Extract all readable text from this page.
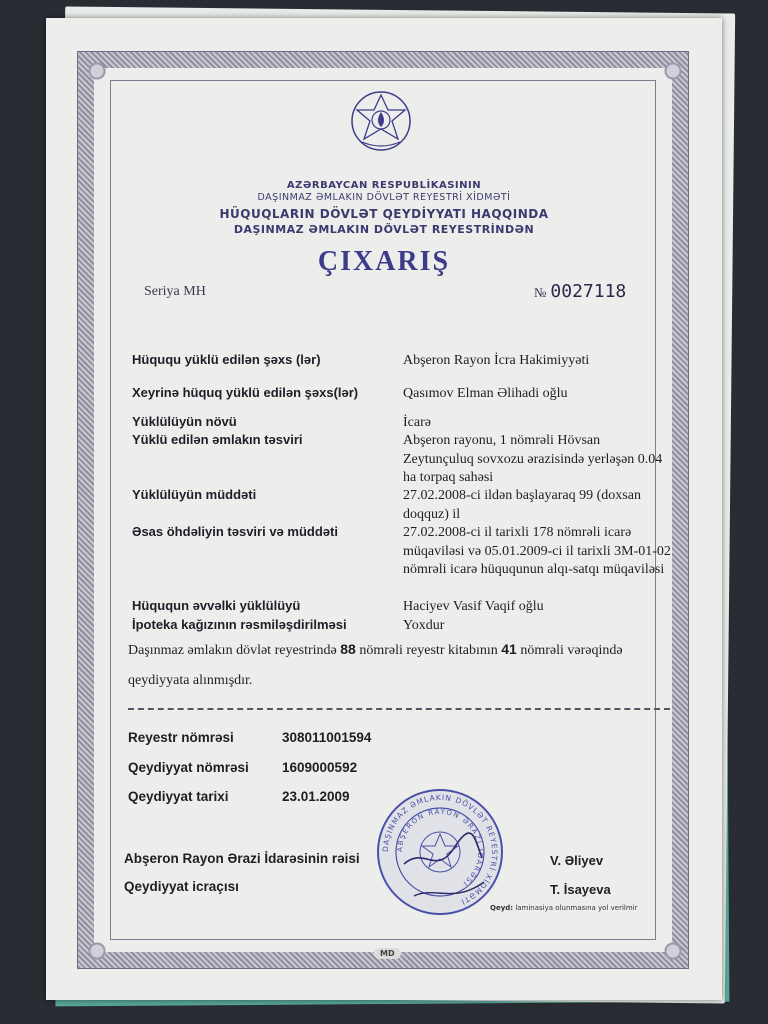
AZƏRBAYCAN RESPUBLİKASININ
DAŞINMAZ ƏMLAKIN DÖVLƏT REYESTRİ XİDMƏTİ
HÜQUQLARIN DÖVLƏT QEYDİYYATI HAQQINDA
DAŞINMAZ ƏMLAKIN DÖVLƏT REYESTRİNDƏN
ÇIXARIŞ
Seriya MH	№ 0027118
Hüququ yüklü edilən şəxs (lər)	Abşeron Rayon İcra Hakimiyyəti
Xeyrinə hüquq yüklü edilən şəxs(lər)	Qasımov Elman Əlihadi oğlu
Yüklülüyün növü	İcarə
Yüklü edilən əmlakın təsviri	Abşeron rayonu, 1 nömrəli Hövsan Zeytunçuluq sovxozu ərazisində yerləşən 0.04 ha torpaq sahəsi
Yüklülüyün müddəti	27.02.2008-ci ildən başlayaraq 99 (doxsan doqquz) il
Əsas öhdəliyin təsviri və müddəti	27.02.2008-ci il tarixli 178 nömrəli icarə müqaviləsi və 05.01.2009-ci il tarixli 3M-01-02 nömrəli icarə hüququnun alqı-satqı müqaviləsi
Hüququn əvvəlki yüklülüyü	Haciyev Vasif Vaqif oğlu
İpoteka kağızının rəsmiləşdirilməsi	Yoxdur
Daşınmaz əmlakın dövlət reyestrində 88 nömrəli reyestr kitabının 41 nömrəli vərəqində qeydiyyata alınmışdır.
Reyestr nömrəsi	308011001594
Qeydiyyat nömrəsi 1609000592
Qeydiyyat tarixi	23.01.2009
DAŞINMAZ ƏMLAKIN DÖVLƏT REYESTRİ XİDMƏTİ
ABŞERON RAYON ƏRAZİ İDARƏSİ
Abşeron Rayon Ərazi İdarəsinin rəisi	V. Əliyev
Qeydiyyat icraçısı	T. İsayeva
Qeyd: laminasiya olunmasına yol verilmir
MD
